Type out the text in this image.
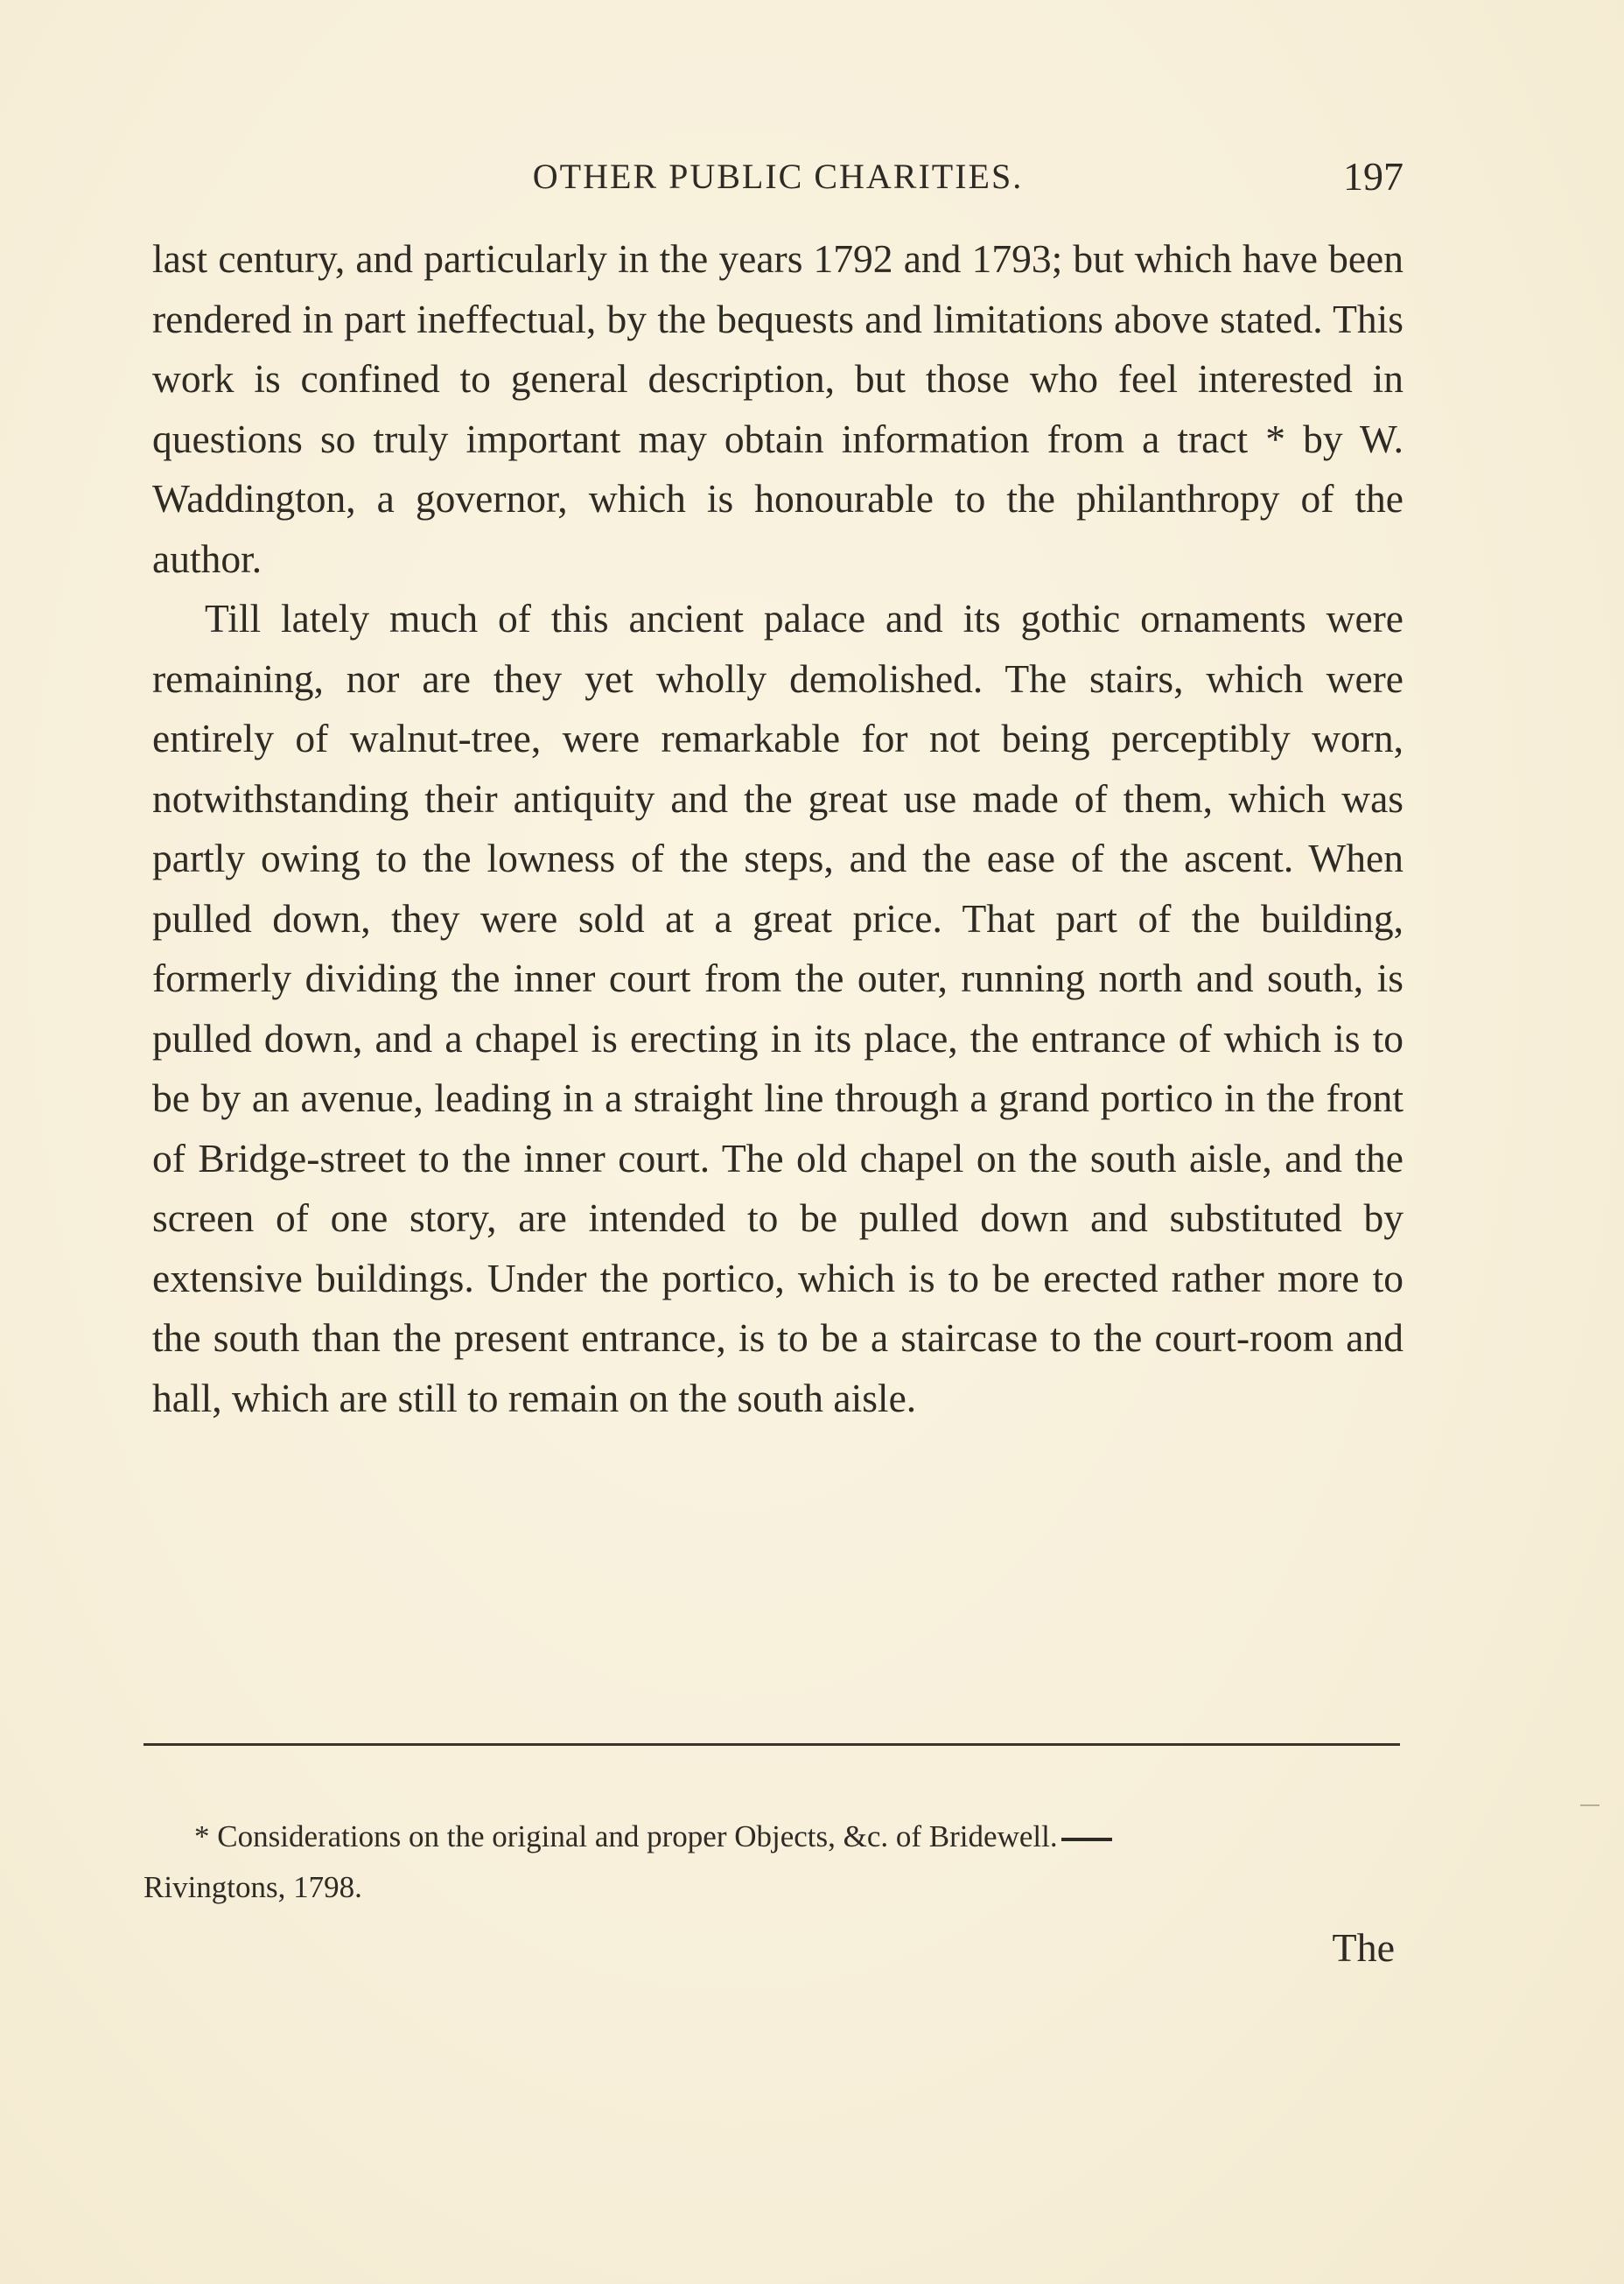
OTHER PUBLIC CHARITIES.	197

last century, and particularly in the years 1792 and 1793; but which have been rendered in part ineffectual, by the bequests and limitations above stated. This work is confined to general description, but those who feel interested in questions so truly important may obtain information from a tract * by W. Waddington, a governor, which is honourable to the philanthropy of the author.

Till lately much of this ancient palace and its gothic ornaments were remaining, nor are they yet wholly demolished. The stairs, which were entirely of walnut-tree, were remarkable for not being perceptibly worn, notwithstanding their antiquity and the great use made of them, which was partly owing to the lowness of the steps, and the ease of the ascent. When pulled down, they were sold at a great price. That part of the building, formerly dividing the inner court from the outer, running north and south, is pulled down, and a chapel is erecting in its place, the entrance of which is to be by an avenue, leading in a straight line through a grand portico in the front of Bridge-street to the inner court. The old chapel on the south aisle, and the screen of one story, are intended to be pulled down and substituted by extensive buildings. Under the portico, which is to be erected rather more to the south than the present entrance, is to be a staircase to the court-room and hall, which are still to remain on the south aisle.

* Considerations on the original and proper Objects, &c. of Bridewell.
Rivingtons, 1798.
The
